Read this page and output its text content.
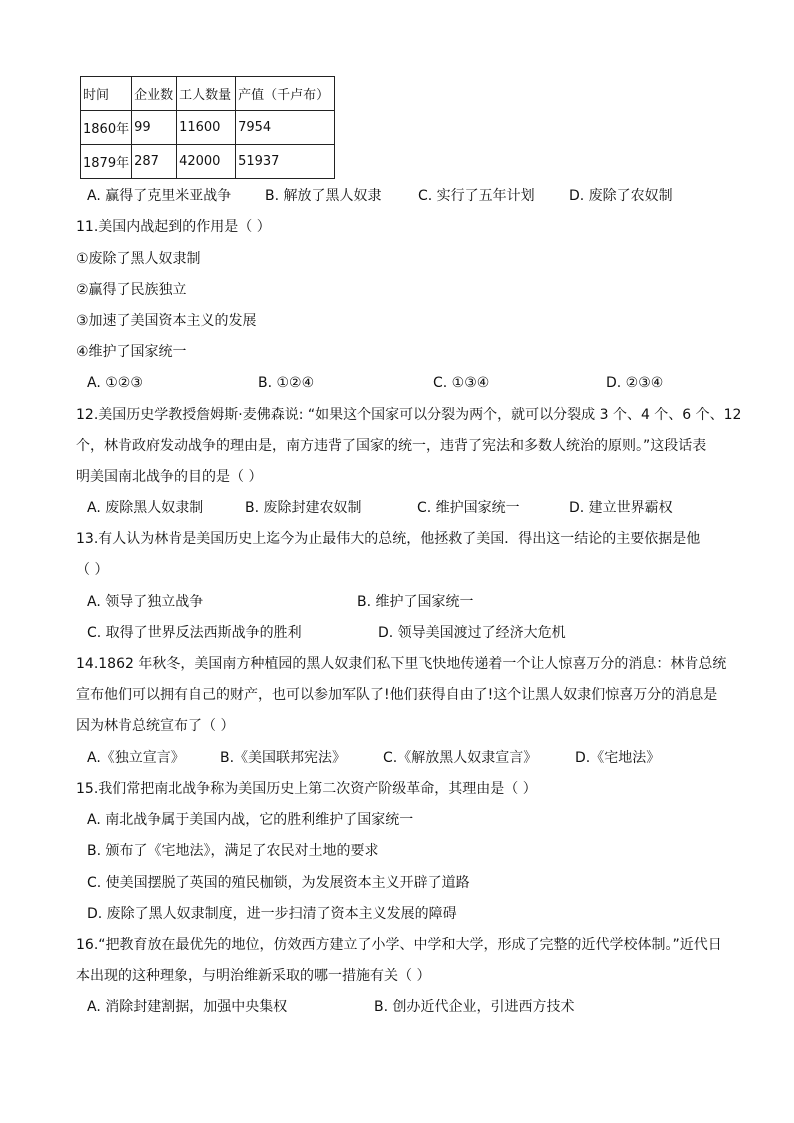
时间	企业数	工人数量	产值（千卢布）
1860年	99	11600	7954
1879年	287	42000	51937
A. 赢得了克里米亚战争 B. 解放了黑人奴隶	C. 实行了五年计划 D. 废除了农奴制
11.美国内战起到的作用是（ ）
①废除了黑人奴隶制
②赢得了民族独立
③加速了美国资本主义的发展
④维护了国家统一
A. ①②③	B. ①②④	C. ①③④	D. ②③④
12.美国历史学教授詹姆斯·麦佛森说: “如果这个国家可以分裂为两个，就可以分裂成 3 个、4 个、6 个、12
个，林肯政府发动战争的理由是，南方违背了国家的统一，违背了宪法和多数人统治的原则。”这段话表
明美国南北战争的目的是（ ）
A. 废除黑人奴隶制	B. 废除封建农奴制	C. 维护国家统一	D. 建立世界霸权
13.有人认为林肯是美国历史上迄今为止最伟大的总统，他拯救了美国．得出这一结论的主要依据是他
（ ）
A. 领导了独立战争	B. 维护了国家统一
C. 取得了世界反法西斯战争的胜利	D. 领导美国渡过了经济大危机
14.1862 年秋冬，美国南方种植园的黑人奴隶们私下里飞快地传递着一个让人惊喜万分的消息：林肯总统
宣布他们可以拥有自己的财产，也可以参加军队了!他们获得自由了!这个让黑人奴隶们惊喜万分的消息是
因为林肯总统宣布了（ ）
A.《独立宣言》	B.《美国联邦宪法》	C.《解放黑人奴隶宣言》	D.《宅地法》
15.我们常把南北战争称为美国历史上第二次资产阶级革命，其理由是（ ）
A. 南北战争属于美国内战，它的胜利维护了国家统一
B. 颁布了《宅地法》，满足了农民对土地的要求
C. 使美国摆脱了英国的殖民枷锁，为发展资本主义开辟了道路
D. 废除了黑人奴隶制度，进一步扫清了资本主义发展的障碍
16.“把教育放在最优先的地位，仿效西方建立了小学、中学和大学，形成了完整的近代学校体制。”近代日
本出现的这种理象，与明治维新采取的哪一措施有关（ ）
A. 消除封建割据，加强中央集权	B. 创办近代企业，引进西方技术
